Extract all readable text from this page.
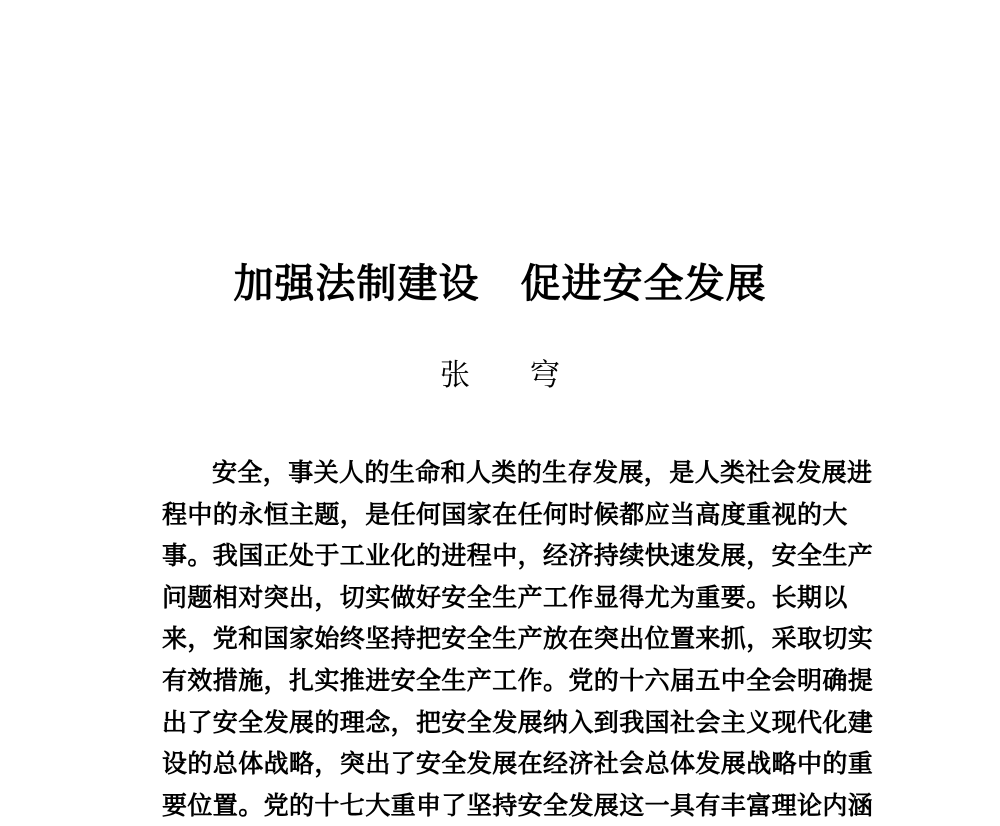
加强法制建设　促进安全发展
张　　穹
安全，事关人的生命和人类的生存发展，是人类社会发展进
程中的永恒主题，是任何国家在任何时候都应当高度重视的大
事。我国正处于工业化的进程中，经济持续快速发展，安全生产
问题相对突出，切实做好安全生产工作显得尤为重要。长期以
来，党和国家始终坚持把安全生产放在突出位置来抓，采取切实
有效措施，扎实推进安全生产工作。党的十六届五中全会明确提
出了安全发展的理念，把安全发展纳入到我国社会主义现代化建
设的总体战略，突出了安全发展在经济社会总体发展战略中的重
要位置。党的十七大重申了坚持安全发展这一具有丰富理论内涵
